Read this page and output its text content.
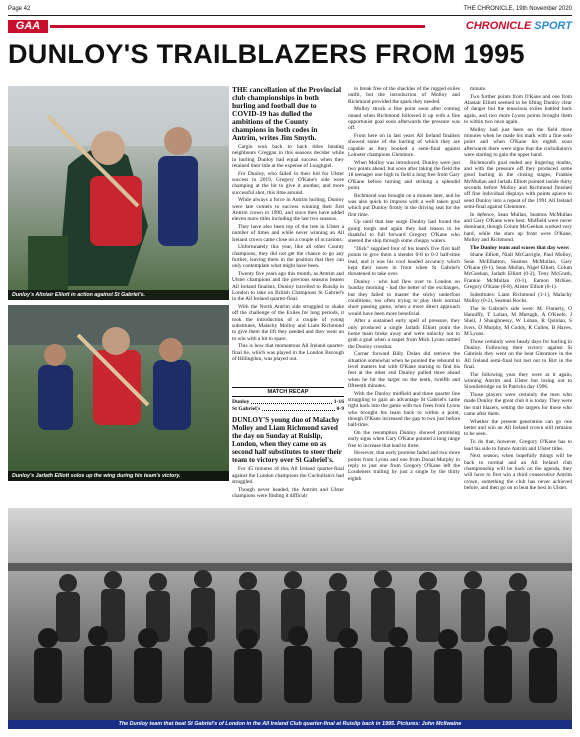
Page 42	THE CHRONICLE, 19th November 2020
GAA	CHRONICLE SPORT
DUNLOY'S TRAILBLAZERS FROM 1995
Dunloy's Alistair Elliott in action against St Gabriel's.
Dunloy's Jarlath Elliott solos up the wing during his team's victory.
THE cancellation of the Provincial club championships in both hurling and football due to COVID-19 has dulled the ambitions of the County champions in both codes in Antrim, writes Jim Smyth.

Cargin won back to back titles beating neighbours Creggan in this seasons decider while in hurling Dunloy had equal success when they retained their title at the expense of Loughgiel.

For Dunloy, who failed in their bid for Ulster success in 2019, Gregory O'Kane's side were champing at the bit to give it another, and more successful shot, this time around.

While always a force in Antrim hurling, Dunloy were late comers to success winning their first Antrim crown in 1990, and since then have added eleven more titles including the last two seasons.

They have also been top of the tree in Ulster a number of times and while never winning an All Ireland crown came close on a couple of occasions.

Unfortunately this year, like all other County champions, they did not get the chance to go any further, leaving them in the position that they can only contemplate what might have been.

Twenty five years ago this month, as Antrim and Ulster champions and the previous seasons beaten All Ireland finalists, Dunloy travelled to Ruislip in London to take on British Champions St Gabriel's in the All Ireland quarter-final.

With the North Antrim side struggled to shake off the challenge of the Exiles for long periods, it took the introduction of a couple of young substitutes, Malachy Molloy and Liam Richmond to give them the lift they needed and they went on to win with a bit to spare.

This is how that momentous All Ireland quarter-final tie, which was played in the London Borough of Hillingdon, was played out.

MATCH RECAP
Dunloy	1-16
St Gabriel's	0-9
DUNLOY'S young duo of Malachy Molloy and Liam Richmond saved the day on Sunday at Ruislip, London, when they came on as second half substitutes to steer their team to victory over St Gabriel's.

For 45 minutes of this All Ireland quarter-final against the London champions the Cuchullain's had struggled.

Though never headed, the Antrim and Ulster champions were finding it difficult

to break free of the shackles of the rugged exiles outfit, but the introduction of Molloy and Richmond provided the spark they needed.

Molloy struck a fine point soon after coming onand when Richmond followed it up with a fine opportunist goal soon afterwards the pressure was off.

From here on in last years All Ireland finalists showed some of the hurling of which they are capable as they booked a semi-final against Leinster champions Glenmore.

When Molloy was introduced, Dunloy were just two points ahead, but soon after taking the field the 18 teenager one high to field a long free from Gary O'Kane before turning and striking a splendid point.

Richmond was brought on a minute later, and he was also quick to impress with a well taken goal which put Dunloy firmly in the driving seat for the first time.

Up until that late surge Dunloy had found the going tough and again they had reason to be thankful to full forward Gregory O'Kane who steered the ship through some choppy waters.

"Dick" supplied four of his team's five first half points to give them a slender 0-8 to 0-3 half-time lead, and it was his cool headed accuracy which kept their noses in front when St Gabriel's threatened to take over.

Dunloy - who had flew over to London on Sunday morning - had the better of the exchanges, but they failed to master the sticky underfoot conditions, too often trying to play their normal short passing game, when a more direct approach would have been more beneficial.

After a sustained early spell of pressure, they only produced a single Jarlath Elliott point the home team broke away and were unlucky not to grab a goal when a rasper from Mick Lyons rattled the Dunloy crossbar.

Corner forward Billy Dolan did retrieve the situation somewhat when he pointed the rebound to level matters but with O'Kane starting to find his feet at the other end Dunloy pulled three ahead when he hit the target on the tenth, twelfth and fifteenth minutes.

With the Dunloy midfield and three quarter line struggling to gain an advantage St Gabriel's came right back into the game with two frees from Lyons who brought his team back to within a point, though O'Kane increased the gap to two just before half-time.

On the resumption Dunloy showed promising early signs when Gary O'Kane pointed a long range free to increase that lead to three.

However, that early promise faded and two more points from Lyons and one from Donal Murphy in reply to just one from Gregory O'Kane left the Loudeners trailing by just a single by the thirty eighth

minute.

Two further points from O'Kane and one from Alastair Elliott seemed to be lifting Dunloy clear of danger but the tenacious exiles battled back again, and two more Lyons points brought them to within two once again.

Molloy had just been on the field three minutes when he made his mark with a fine solo point and when O'Kane his eighth soon afterwards there were signs that the cuchullainn's were starting to gain the upper hand.

Richmond's goal ended any lingering doubts, and with the pressure off they produced some good hurling in the closing stages, Frankie McMullan and Jarlath Elliott pointed inside thirty seconds before Molloy and Richmond finished off fine individual displays with points apiece to send Dunloy into a repeat of the 1991 All Ireland semi-final against Glenmore.

In defence, Sean Mullan, Seamus McMullan and Gary O'Kane were best. Midfield were never dominant, though Colum McGeehan worked very hard, while the stars up front were O'Kane, Molloy and Richmond.

The Dunloy team and scores that day were:

Shane Elliott, Niall McGarrigle, Paul Molloy, Sean McElhatton, Seamus McMullan, Gary O'Kane (0-1), Sean Mullan, Nigel Elliott, Colum McGeehan, Jarlath Elliott (0-2), Tony McGrath, Frankie McMullan (0-1), Eamon McKee, Gregory O'Kane (0-8), Alister Elliott (0-1).

Substitutes: Liam Richmond (1-1), Malachy Molloy (0-2), Seamus Rocks.

The St Gabriel's side were: M. Finnerty, O Hanniffy, T Lohan, M Murtagh, A O'Keefe, J Sheil, J Shaughnessy, W Lohan, R Quinlan, S Ivers, D Murphy, M Coddy, R Cullen, B Hayes, M Lyons.

Those certainly were heady days for hurling in Dunloy. Following their victory against St Gabriels they went on the beat Glenmore in the All Ireland semi-final but lost out to Birr in the final.

The following year they were at it again, winning Antrim and Ulster but losing out to Sixmilebridge on St Patricks day 1996.

Those players were certainly the men who made Dunloy the great club it is today. They were the trail blazers, setting the targets for those who came after them.

Whether the present generation can go one better and win an All Ireland crown still remains to be seen.

To do that, however, Gregory O'Kane has to lead his side to future Antrim and Ulster titles.

Next season, when hopefully things will be back to normal and an All Ireland club championship will be back on the agenda, they will have to first win a third consecutive Antrim crown, something the club has never achieved before, and then go on to beat the best in Ulster.

The Dunloy team that beat St Gabriel's of London in the All Ireland Club quarter-final at Ruislip back in 1995. Pictures: John McIlwaine
